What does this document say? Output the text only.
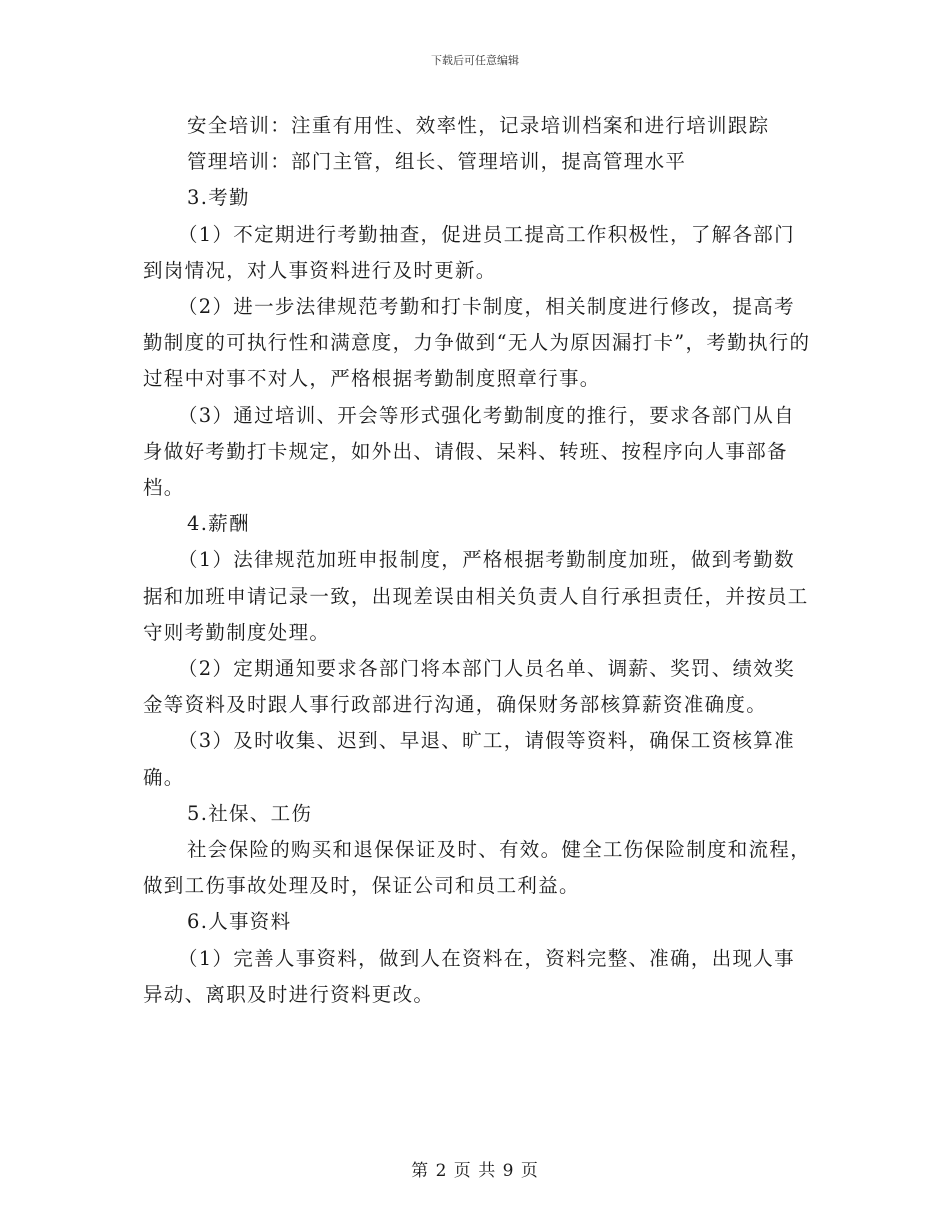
下载后可任意编辑

安全培训：注重有用性、效率性，记录培训档案和进行培训跟踪

管理培训：部门主管，组长、管理培训，提高管理水平

3.考勤

（1）不定期进行考勤抽查，促进员工提高工作积极性，了解各部门到岗情况，对人事资料进行及时更新。

（2）进一步法律规范考勤和打卡制度，相关制度进行修改，提高考勤制度的可执行性和满意度，力争做到“无人为原因漏打卡”，考勤执行的过程中对事不对人，严格根据考勤制度照章行事。

（3）通过培训、开会等形式强化考勤制度的推行，要求各部门从自身做好考勤打卡规定，如外出、请假、呆料、转班、按程序向人事部备档。

4.薪酬

（1）法律规范加班申报制度，严格根据考勤制度加班，做到考勤数据和加班申请记录一致，出现差误由相关负责人自行承担责任，并按员工守则考勤制度处理。

（2）定期通知要求各部门将本部门人员名单、调薪、奖罚、绩效奖金等资料及时跟人事行政部进行沟通，确保财务部核算薪资准确度。

（3）及时收集、迟到、早退、旷工，请假等资料，确保工资核算准确。

5.社保、工伤

社会保险的购买和退保保证及时、有效。健全工伤保险制度和流程，做到工伤事故处理及时，保证公司和员工利益。

6.人事资料

（1）完善人事资料，做到人在资料在，资料完整、准确，出现人事异动、离职及时进行资料更改。

第 2 页 共 9 页
